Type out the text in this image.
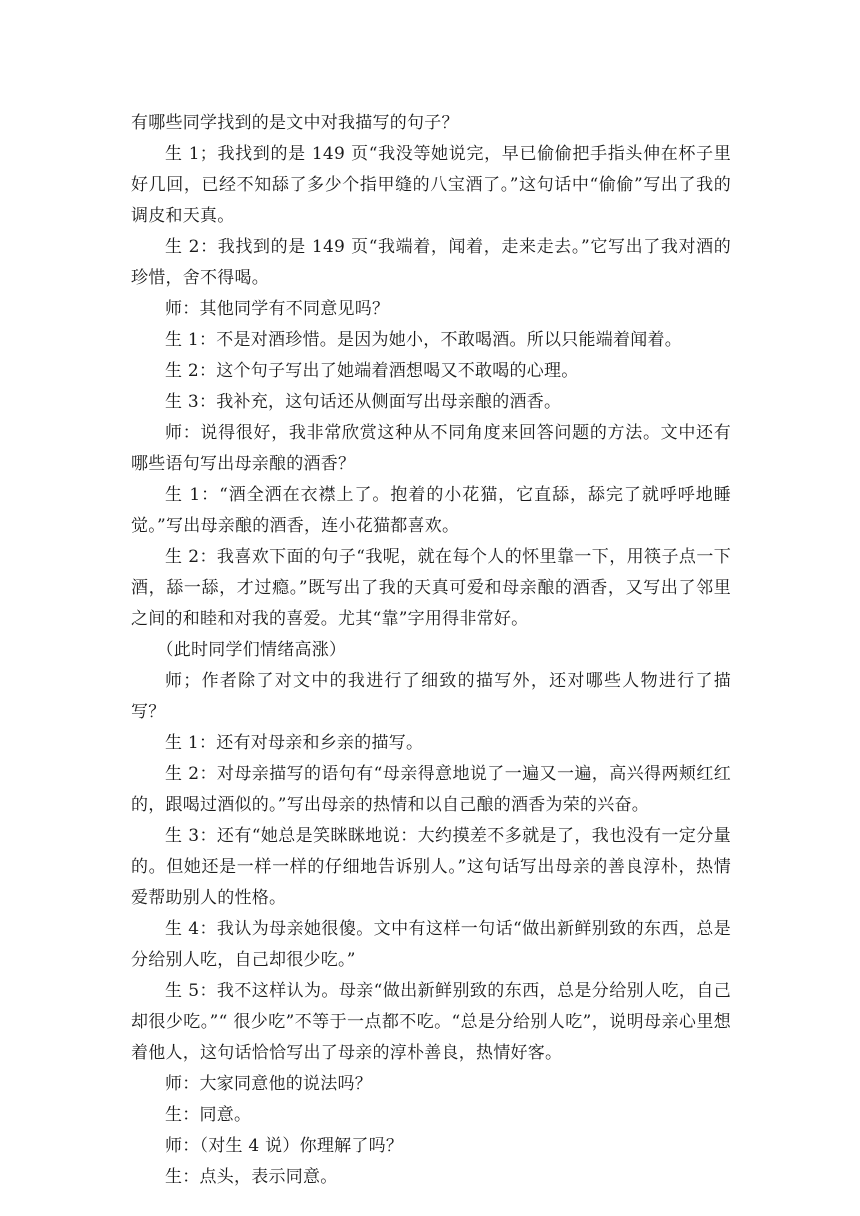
有哪些同学找到的是文中对我描写的句子？

生 1；我找到的是 149 页“我没等她说完，早已偷偷把手指头伸在杯子里好几回，已经不知舔了多少个指甲缝的八宝酒了。”这句话中“偷偷”写出了我的调皮和天真。

生 2：我找到的是 149 页“我端着，闻着，走来走去。”它写出了我对酒的珍惜，舍不得喝。

师：其他同学有不同意见吗？

生 1：不是对酒珍惜。是因为她小，不敢喝酒。所以只能端着闻着。

生 2：这个句子写出了她端着酒想喝又不敢喝的心理。

生 3：我补充，这句话还从侧面写出母亲酿的酒香。

师：说得很好，我非常欣赏这种从不同角度来回答问题的方法。文中还有哪些语句写出母亲酿的酒香？

生 1：“酒全洒在衣襟上了。抱着的小花猫，它直舔，舔完了就呼呼地睡觉。”写出母亲酿的酒香，连小花猫都喜欢。

生 2：我喜欢下面的句子“我呢，就在每个人的怀里靠一下，用筷子点一下酒，舔一舔，才过瘾。”既写出了我的天真可爱和母亲酿的酒香，又写出了邻里之间的和睦和对我的喜爱。尤其“靠”字用得非常好。

（此时同学们情绪高涨）

师；作者除了对文中的我进行了细致的描写外，还对哪些人物进行了描写？

生 1：还有对母亲和乡亲的描写。

生 2：对母亲描写的语句有“母亲得意地说了一遍又一遍，高兴得两颊红红的，跟喝过酒似的。”写出母亲的热情和以自己酿的酒香为荣的兴奋。

生 3：还有“她总是笑眯眯地说：大约摸差不多就是了，我也没有一定分量的。但她还是一样一样的仔细地告诉别人。”这句话写出母亲的善良淳朴，热情爱帮助别人的性格。

生 4：我认为母亲她很傻。文中有这样一句话“做出新鲜别致的东西，总是分给别人吃，自己却很少吃。”

生 5：我不这样认为。母亲“做出新鲜别致的东西，总是分给别人吃，自己却很少吃。”“ 很少吃”不等于一点都不吃。“总是分给别人吃”，说明母亲心里想着他人，这句话恰恰写出了母亲的淳朴善良，热情好客。

师：大家同意他的说法吗？

生：同意。

师：（对生 4 说）你理解了吗？

生：点头，表示同意。
